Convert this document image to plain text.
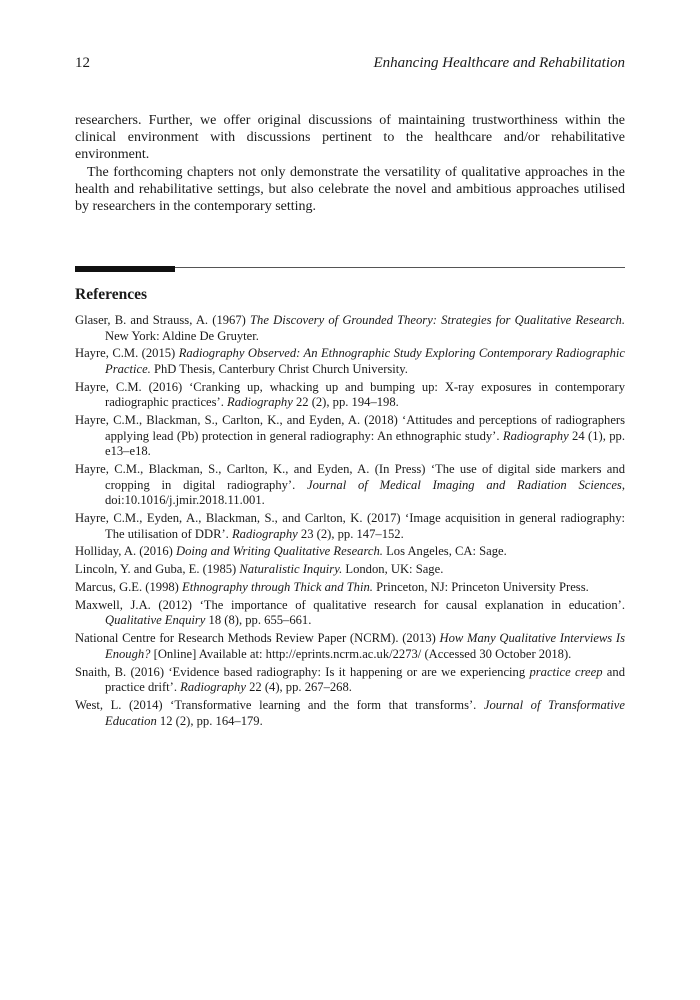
12	Enhancing Healthcare and Rehabilitation

researchers. Further, we offer original discussions of maintaining trustworthiness within the clinical environment with discussions pertinent to the healthcare and/or rehabilitative environment.

The forthcoming chapters not only demonstrate the versatility of qualitative approaches in the health and rehabilitative settings, but also celebrate the novel and ambitious approaches utilised by researchers in the contemporary setting.

References

Glaser, B. and Strauss, A. (1967) The Discovery of Grounded Theory: Strategies for Qualitative Research. New York: Aldine De Gruyter.

Hayre, C.M. (2015) Radiography Observed: An Ethnographic Study Exploring Contemporary Radiographic Practice. PhD Thesis, Canterbury Christ Church University.

Hayre, C.M. (2016) ‘Cranking up, whacking up and bumping up: X-ray exposures in contemporary radiographic practices’. Radiography 22 (2), pp. 194–198.

Hayre, C.M., Blackman, S., Carlton, K., and Eyden, A. (2018) ‘Attitudes and perceptions of radiographers applying lead (Pb) protection in general radiography: An ethnographic study’. Radiography 24 (1), pp. e13–e18.

Hayre, C.M., Blackman, S., Carlton, K., and Eyden, A. (In Press) ‘The use of digital side markers and cropping in digital radiography’. Journal of Medical Imaging and Radiation Sciences, doi:10.1016/j.jmir.2018.11.001.

Hayre, C.M., Eyden, A., Blackman, S., and Carlton, K. (2017) ‘Image acquisition in general radiography: The utilisation of DDR’. Radiography 23 (2), pp. 147–152.

Holliday, A. (2016) Doing and Writing Qualitative Research. Los Angeles, CA: Sage.

Lincoln, Y. and Guba, E. (1985) Naturalistic Inquiry. London, UK: Sage.

Marcus, G.E. (1998) Ethnography through Thick and Thin. Princeton, NJ: Princeton University Press.

Maxwell, J.A. (2012) ‘The importance of qualitative research for causal explanation in education’. Qualitative Enquiry 18 (8), pp. 655–661.

National Centre for Research Methods Review Paper (NCRM). (2013) How Many Qualitative Interviews Is Enough? [Online] Available at: http://eprints.ncrm.ac.uk/2273/ (Accessed 30 October 2018).

Snaith, B. (2016) ‘Evidence based radiography: Is it happening or are we experiencing practice creep and practice drift’. Radiography 22 (4), pp. 267–268.

West, L. (2014) ‘Transformative learning and the form that transforms’. Journal of Transformative Education 12 (2), pp. 164–179.
